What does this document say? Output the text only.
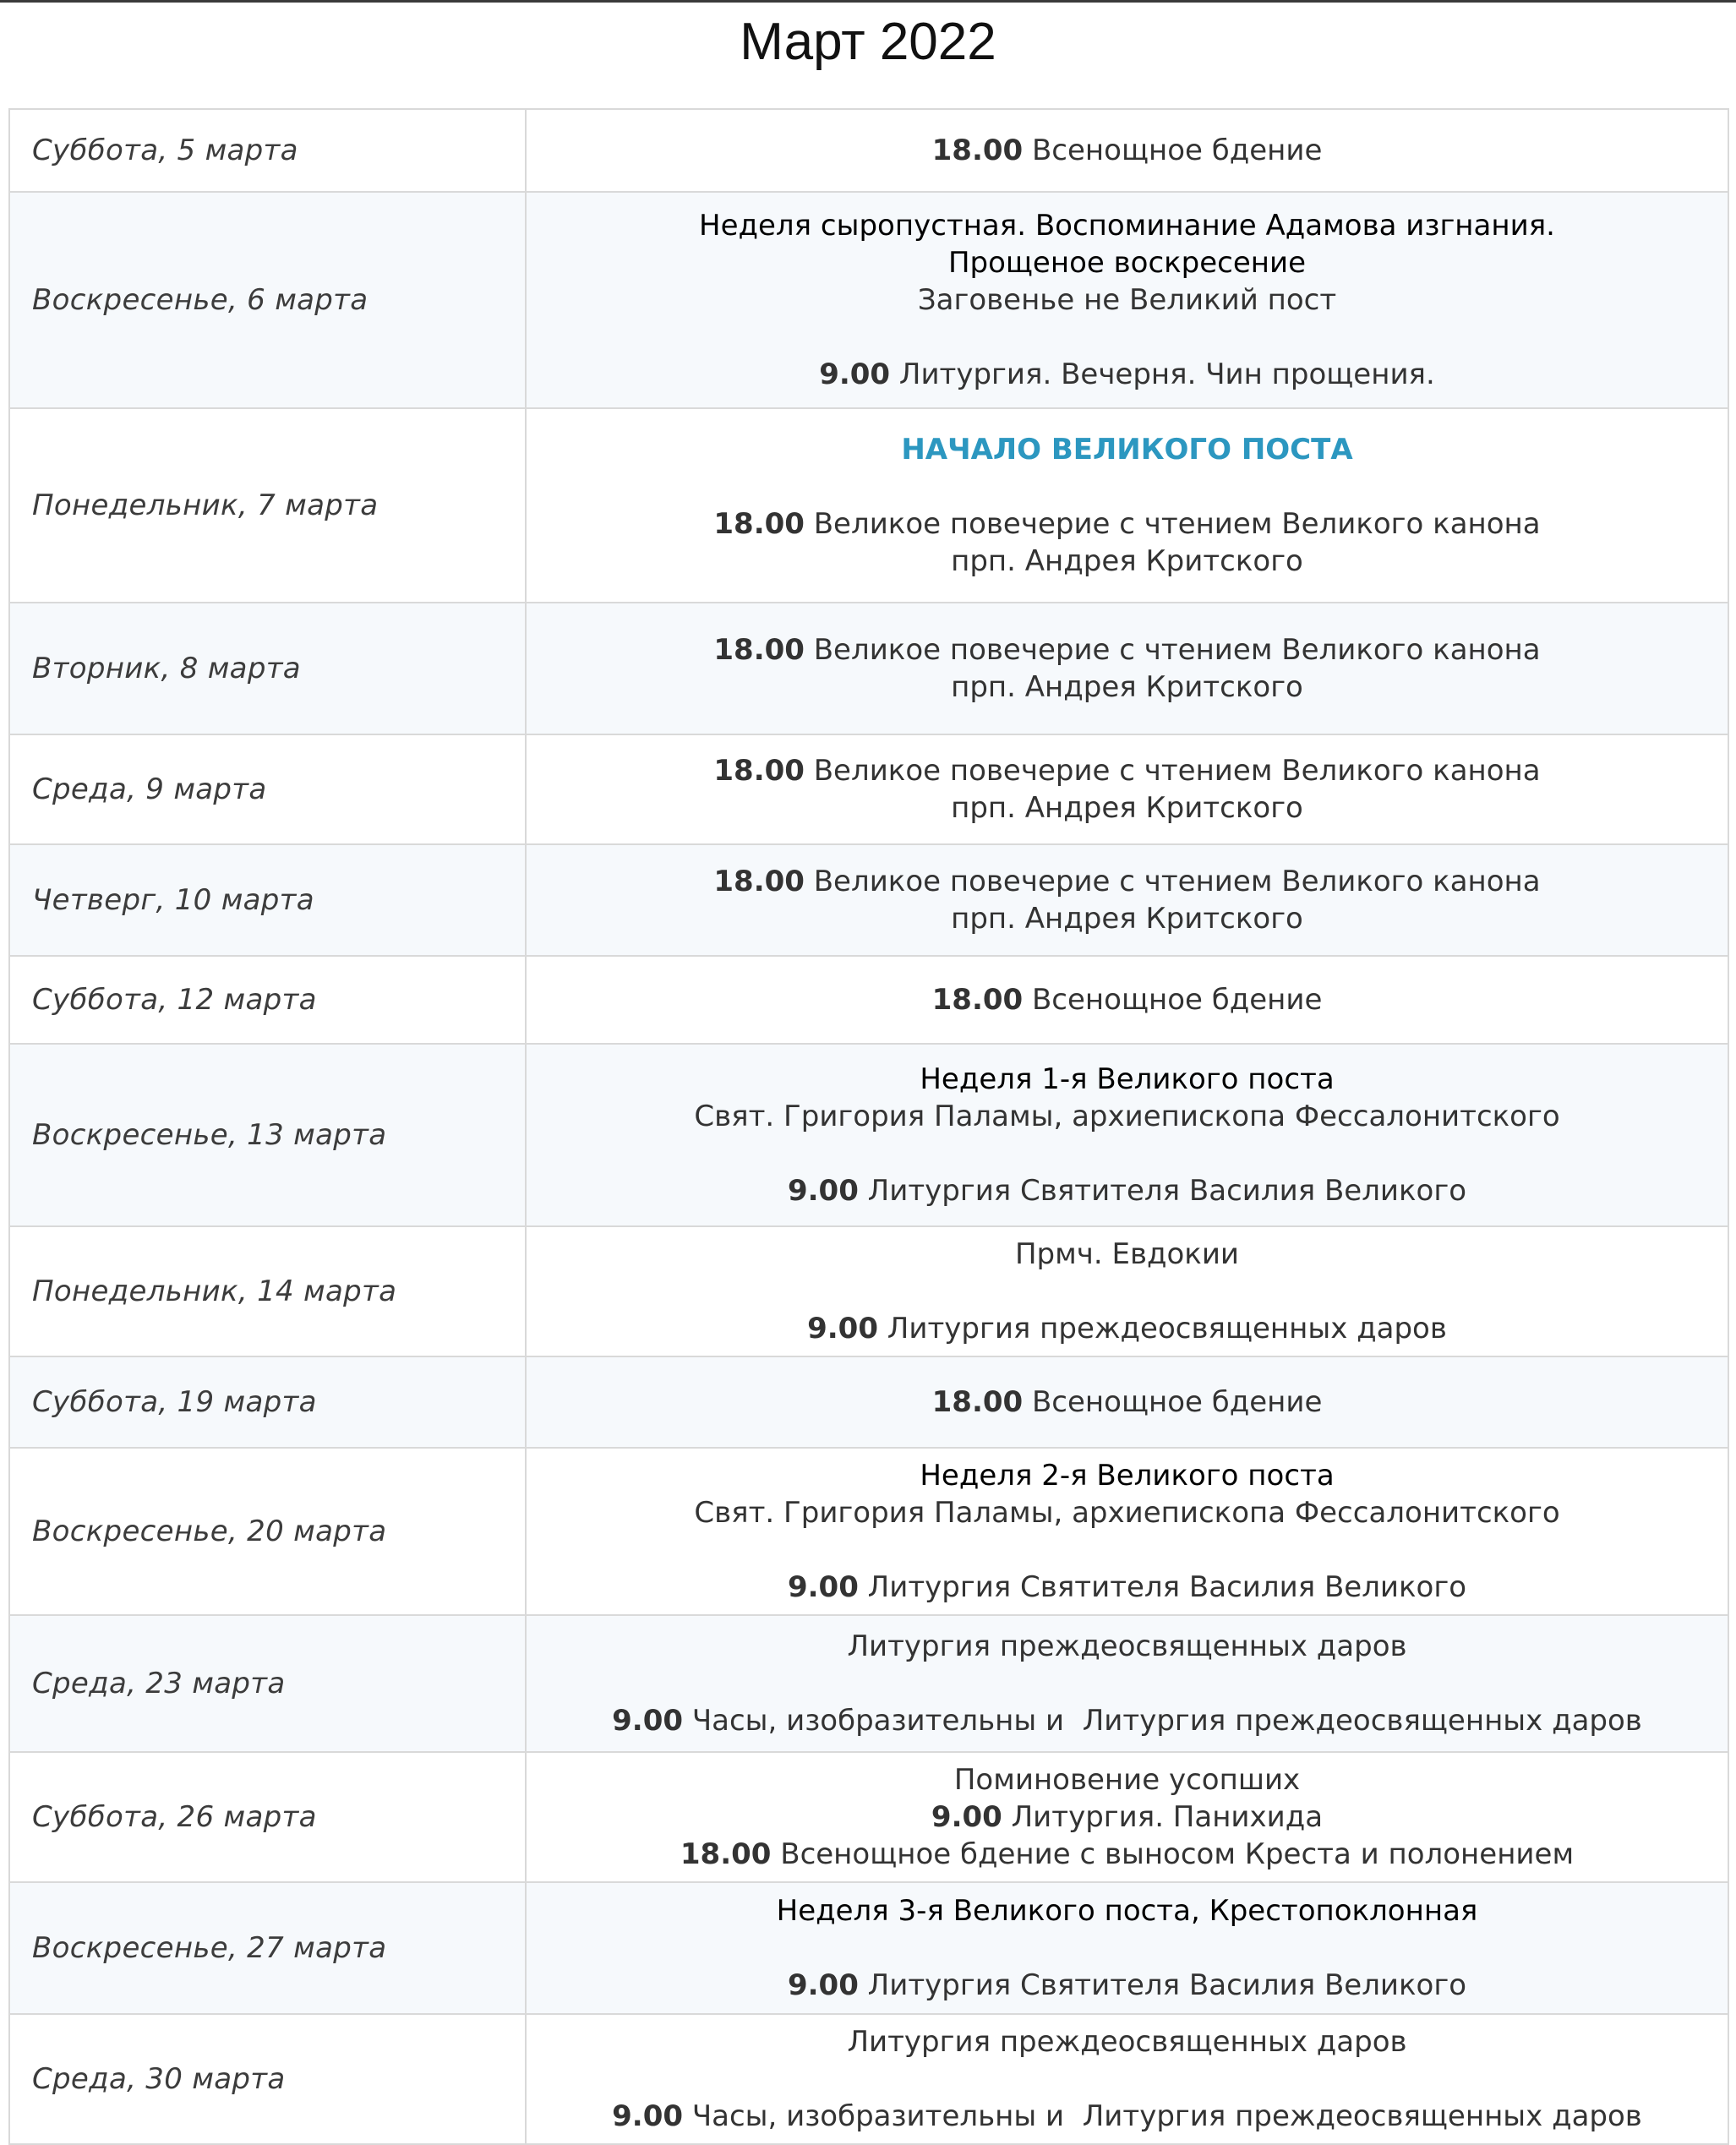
Март 2022
Суббота, 5 марта	18.00 Всенощное бдение

Воскресенье, 6 марта	Неделя сыропустная. Воспоминание Адамова изгнания.
Прощеное воскресение
Заговенье не Великий пост
9.00 Литургия. Вечерня. Чин прощения.

Понедельник, 7 марта	НАЧАЛО ВЕЛИКОГО ПОСТА
18.00 Великое повечерие с чтением Великого канона
прп. Андрея Критского

Вторник, 8 марта	18.00 Великое повечерие с чтением Великого канона
прп. Андрея Критского

Среда, 9 марта	18.00 Великое повечерие с чтением Великого канона
прп. Андрея Критского

Четверг, 10 марта	18.00 Великое повечерие с чтением Великого канона
прп. Андрея Критского

Суббота, 12 марта	18.00 Всенощное бдение

Воскресенье, 13 марта	Неделя 1-я Великого поста
Свят. Григория Паламы, архиепископа Фессалонитского
9.00 Литургия Святителя Василия Великого

Понедельник, 14 марта	Прмч. Евдокии
9.00 Литургия преждеосвященных даров

Суббота, 19 марта	18.00 Всенощное бдение

Воскресенье, 20 марта	Неделя 2-я Великого поста
Свят. Григория Паламы, архиепископа Фессалонитского
9.00 Литургия Святителя Василия Великого

Среда, 23 марта	Литургия преждеосвященных даров
9.00 Часы, изобразительны и  Литургия преждеосвященных даров

Суббота, 26 марта	Поминовение усопших
9.00 Литургия. Панихида
18.00 Всенощное бдение с выносом Креста и полонением

Воскресенье, 27 марта	Неделя 3-я Великого поста, Крестопоклонная
9.00 Литургия Святителя Василия Великого

Среда, 30 марта	Литургия преждеосвященных даров
9.00 Часы, изобразительны и  Литургия преждеосвященных даров
